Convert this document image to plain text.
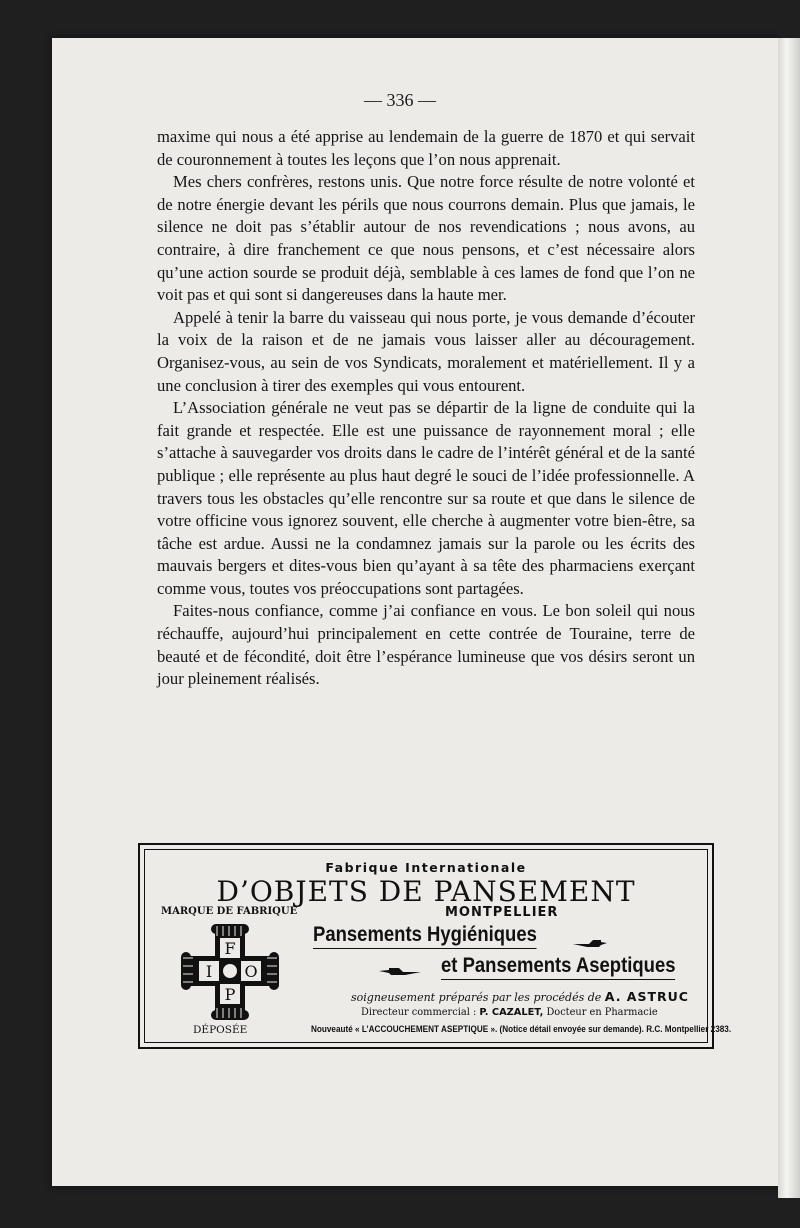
— 336 —

maxime qui nous a été apprise au lendemain de la guerre de 1870 et qui servait de couronnement à toutes les leçons que l’on nous apprenait.

Mes chers confrères, restons unis. Que notre force résulte de notre volonté et de notre énergie devant les périls que nous courrons demain. Plus que jamais, le silence ne doit pas s’établir autour de nos revendications ; nous avons, au contraire, à dire franchement ce que nous pensons, et c’est nécessaire alors qu’une action sourde se produit déjà, semblable à ces lames de fond que l’on ne voit pas et qui sont si dangereuses dans la haute mer.

Appelé à tenir la barre du vaisseau qui nous porte, je vous demande d’écouter la voix de la raison et de ne jamais vous laisser aller au découragement. Organisez-vous, au sein de vos Syndicats, moralement et matériellement. Il y a une conclusion à tirer des exemples qui vous entourent.

L’Association générale ne veut pas se départir de la ligne de conduite qui la fait grande et respectée. Elle est une puissance de rayonnement moral ; elle s’attache à sauvegarder vos droits dans le cadre de l’intérêt général et de la santé publique ; elle représente au plus haut degré le souci de l’idée professionnelle. A travers tous les obstacles qu’elle rencontre sur sa route et que dans le silence de votre officine vous ignorez souvent, elle cherche à augmenter votre bien-être, sa tâche est ardue. Aussi ne la condamnez jamais sur la parole ou les écrits des mauvais bergers et dites-vous bien qu’ayant à sa tête des pharmaciens exerçant comme vous, toutes vos préoccupations sont partagées.

Faites-nous confiance, comme j’ai confiance en vous. Le bon soleil qui nous réchauffe, aujourd’hui principalement en cette contrée de Touraine, terre de beauté et de fécondité, doit être l’espérance lumineuse que vos désirs seront un jour pleinement réalisés.

Fabrique Internationale
D’OBJETS DE PANSEMENT
MARQUE DE FABRIQUE	MONTPELLIER
F
I O
P
DÉPOSÉE
Pansements Hygiéniques
et Pansements Aseptiques
soigneusement préparés par les procédés de A. ASTRUC
Directeur commercial : P. CAZALET, Docteur en Pharmacie
Nouveauté « L’ACCOUCHEMENT ASEPTIQUE ». (Notice détail envoyée sur demande). R.C. Montpellier 2383.
